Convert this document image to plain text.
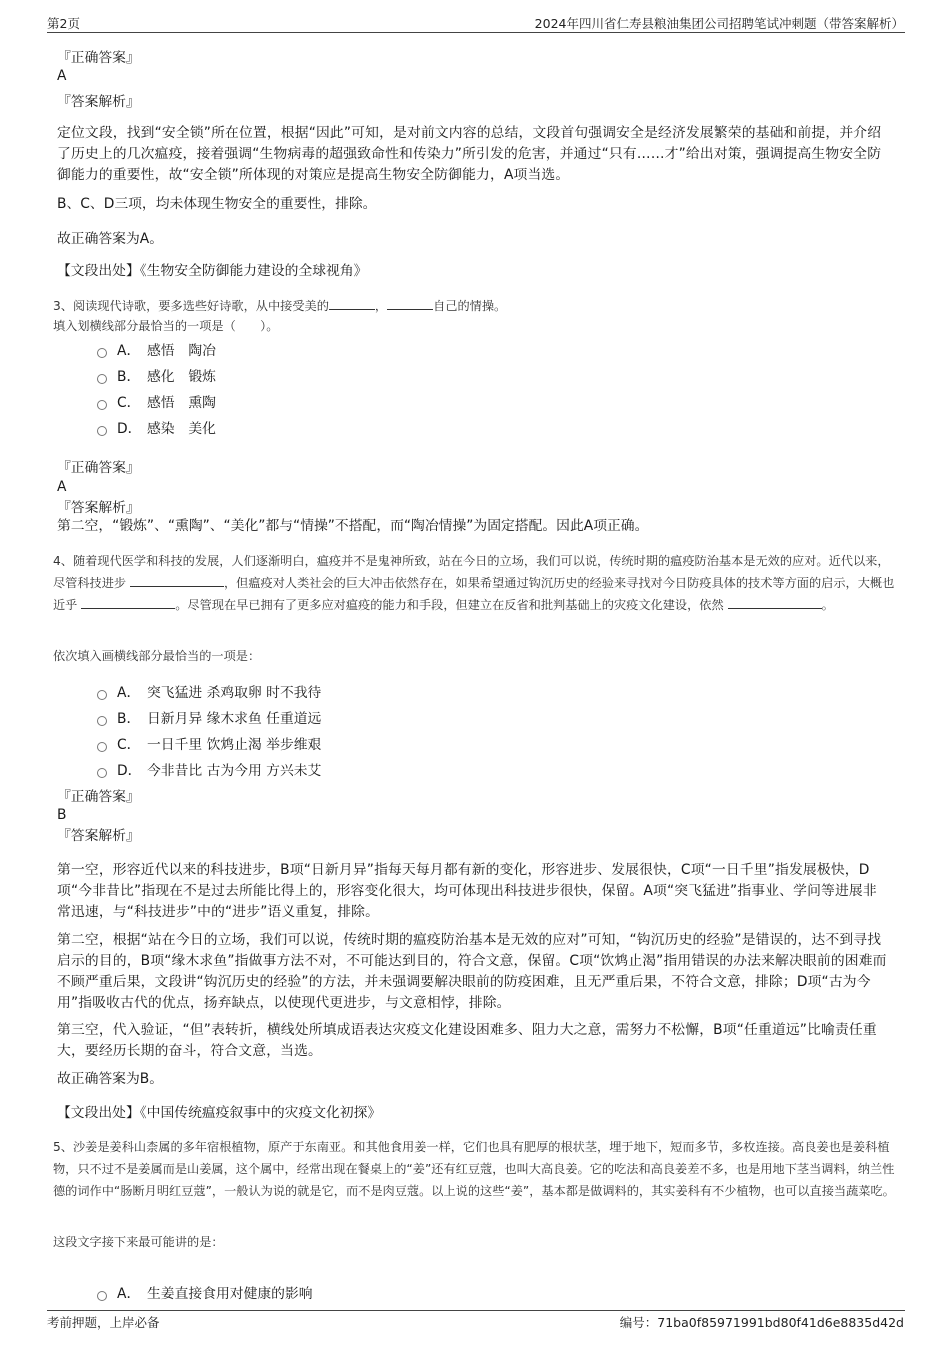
第2页	2024年四川省仁寿县粮油集团公司招聘笔试冲刺题（带答案解析）
『正确答案』
A
『答案解析』
定位文段，找到“安全锁”所在位置，根据“因此”可知，是对前文内容的总结，文段首句强调安全是经济发展繁荣的基础和前提，并介绍了历史上的几次瘟疫，接着强调“生物病毒的超强致命性和传染力”所引发的危害，并通过“只有……才”给出对策，强调提高生物安全防御能力的重要性，故“安全锁”所体现的对策应是提高生物安全防御能力，A项当选。
B、C、D三项，均未体现生物安全的重要性，排除。
故正确答案为A。
【文段出处】《生物安全防御能力建设的全球视角》
3、阅读现代诗歌，要多选些好诗歌，从中接受美的	，	自己的情操。
填入划横线部分最恰当的一项是（　　）。
A． 感悟　陶冶
B． 感化　锻炼
C． 感悟　熏陶
D． 感染　美化
『正确答案』
A
『答案解析』
第二空，“锻炼”、“熏陶”、“美化”都与“情操”不搭配，而“陶冶情操”为固定搭配。因此A项正确。
4、随着现代医学和科技的发展，人们逐渐明白，瘟疫并不是鬼神所致，站在今日的立场，我们可以说，传统时期的瘟疫防治基本是无效的应对。近代以来，尽管科技进步	，但瘟疫对人类社会的巨大冲击依然存在，如果希望通过钩沉历史的经验来寻找对今日防疫具体的技术等方面的启示，大概也近乎	。尽管现在早已拥有了更多应对瘟疫的能力和手段，但建立在反省和批判基础上的灾疫文化建设，依然	。
依次填入画横线部分最恰当的一项是：
A． 突飞猛进 杀鸡取卵 时不我待
B． 日新月异 缘木求鱼 任重道远
C． 一日千里 饮鸩止渴 举步维艰
D． 今非昔比 古为今用 方兴未艾
『正确答案』
B
『答案解析』
第一空，形容近代以来的科技进步，B项“日新月异”指每天每月都有新的变化，形容进步、发展很快，C项“一日千里”指发展极快，D项“今非昔比”指现在不是过去所能比得上的，形容变化很大，均可体现出科技进步很快，保留。A项“突飞猛进”指事业、学问等进展非常迅速，与“科技进步”中的“进步”语义重复，排除。
第二空，根据“站在今日的立场，我们可以说，传统时期的瘟疫防治基本是无效的应对”可知，“钩沉历史的经验”是错误的，达不到寻找启示的目的，B项“缘木求鱼”指做事方法不对，不可能达到目的，符合文意，保留。C项“饮鸩止渴”指用错误的办法来解决眼前的困难而不顾严重后果，文段讲“钩沉历史的经验”的方法，并未强调要解决眼前的防疫困难，且无严重后果，不符合文意，排除；D项“古为今用”指吸收古代的优点，扬弃缺点，以使现代更进步，与文意相悖，排除。
第三空，代入验证，“但”表转折，横线处所填成语表达灾疫文化建设困难多、阻力大之意，需努力不松懈，B项“任重道远”比喻责任重大，要经历长期的奋斗，符合文意，当选。
故正确答案为B。
【文段出处】《中国传统瘟疫叙事中的灾疫文化初探》
5、沙姜是姜科山柰属的多年宿根植物，原产于东南亚。和其他食用姜一样，它们也具有肥厚的根状茎，埋于地下，短而多节，多枚连接。高良姜也是姜科植物，只不过不是姜属而是山姜属，这个属中，经常出现在餐桌上的“姜”还有红豆蔻，也叫大高良姜。它的吃法和高良姜差不多，也是用地下茎当调料，纳兰性德的词作中“肠断月明红豆蔻”，一般认为说的就是它，而不是肉豆蔻。以上说的这些“姜”，基本都是做调料的，其实姜科有不少植物，也可以直接当蔬菜吃。
这段文字接下来最可能讲的是：
A． 生姜直接食用对健康的影响
考前押题，上岸必备	编号：71ba0f85971991bd80f41d6e8835d42d
